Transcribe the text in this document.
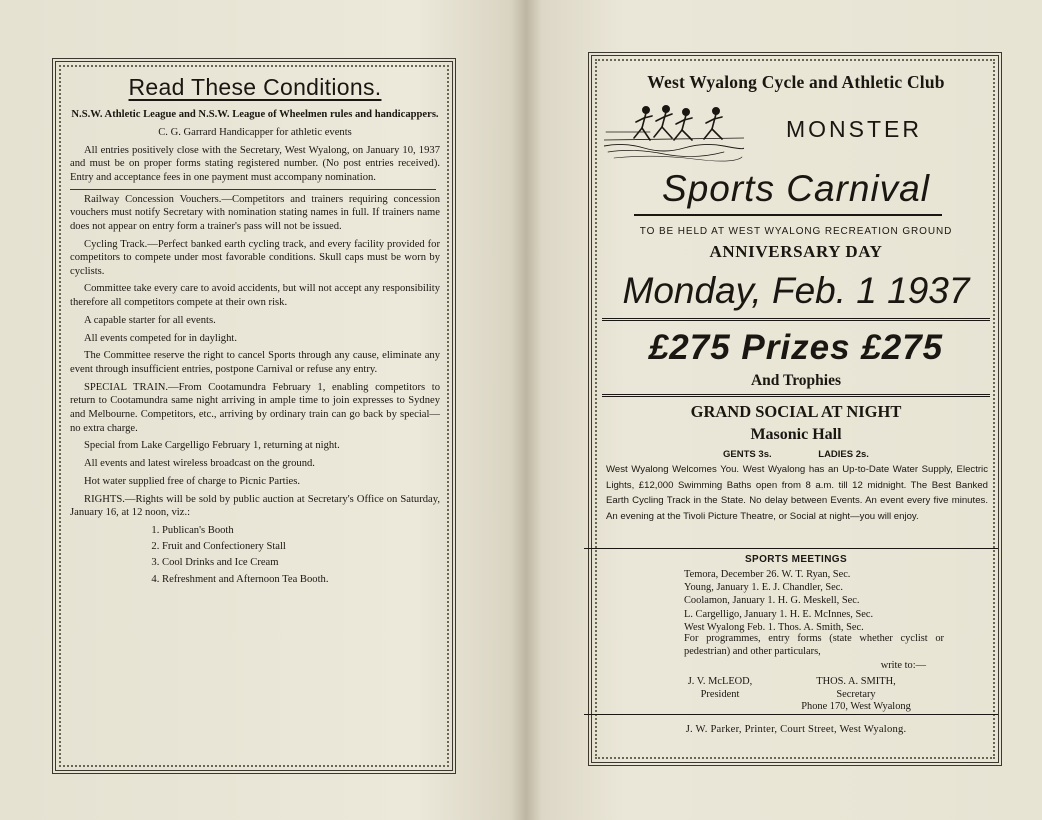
Read These Conditions.

N.S.W. Athletic League and N.S.W. League of Wheelmen rules and handicappers.

C. G. Garrard Handicapper for athletic events

All entries positively close with the Secretary, West Wyalong, on January 10, 1937 and must be on proper forms stating registered number. (No post entries received). Entry and acceptance fees in one payment must accompany nomination.

Railway Concession Vouchers.—Competitors and trainers requiring concession vouchers must notify Secretary with nomination stating names in full. If trainers name does not appear on entry form a trainer's pass will not be issued.

Cycling Track.—Perfect banked earth cycling track, and every facility provided for competitors to compete under most favorable conditions. Skull caps must be worn by cyclists.

Committee take every care to avoid accidents, but will not accept any responsibility therefore all competitors compete at their own risk.

A capable starter for all events.

All events competed for in daylight.

The Committee reserve the right to cancel Sports through any cause, eliminate any event through insufficient entries, postpone Carnival or refuse any entry.

SPECIAL TRAIN.—From Cootamundra February 1, enabling competitors to return to Cootamundra same night arriving in ample time to join expresses to Sydney and Melbourne. Competitors, etc., arriving by ordinary train can go back by special—no extra charge.

Special from Lake Cargelligo February 1, returning at night.

All events and latest wireless broadcast on the ground.

Hot water supplied free of charge to Picnic Parties.

RIGHTS.—Rights will be sold by public auction at Secretary's Office on Saturday, January 16, at 12 noon, viz.:

1. Publican's Booth
2. Fruit and Confectionery Stall
3. Cool Drinks and Ice Cream
4. Refreshment and Afternoon Tea Booth.
West Wyalong Cycle and Athletic Club
MONSTER
Sports Carnival
TO BE HELD AT WEST WYALONG RECREATION GROUND
ANNIVERSARY DAY
Monday, Feb. 1 1937
£275 Prizes £275
And Trophies
GRAND SOCIAL AT NIGHT
Masonic Hall
GENTS 3s.	LADIES 2s.
West Wyalong Welcomes You. West Wyalong has an Up-to-Date Water Supply, Electric Lights, £12,000 Swimming Baths open from 8 a.m. till 12 midnight. The Best Banked Earth Cycling Track in the State. No delay between Events. An event every five minutes. An evening at the Tivoli Picture Theatre, or Social at night—you will enjoy.
SPORTS MEETINGS
Temora, December 26. W. T. Ryan, Sec.
Young, January 1. E. J. Chandler, Sec.
Coolamon, January 1. H. G. Meskell, Sec.
L. Cargelligo, January 1. H. E. McInnes, Sec.
West Wyalong Feb. 1. Thos. A. Smith, Sec.
For programmes, entry forms (state whether cyclist or pedestrian) and other particulars,
write to:—
J. V. McLEOD,
President
THOS. A. SMITH,
Secretary
Phone 170, West Wyalong
J. W. Parker, Printer, Court Street, West Wyalong.
